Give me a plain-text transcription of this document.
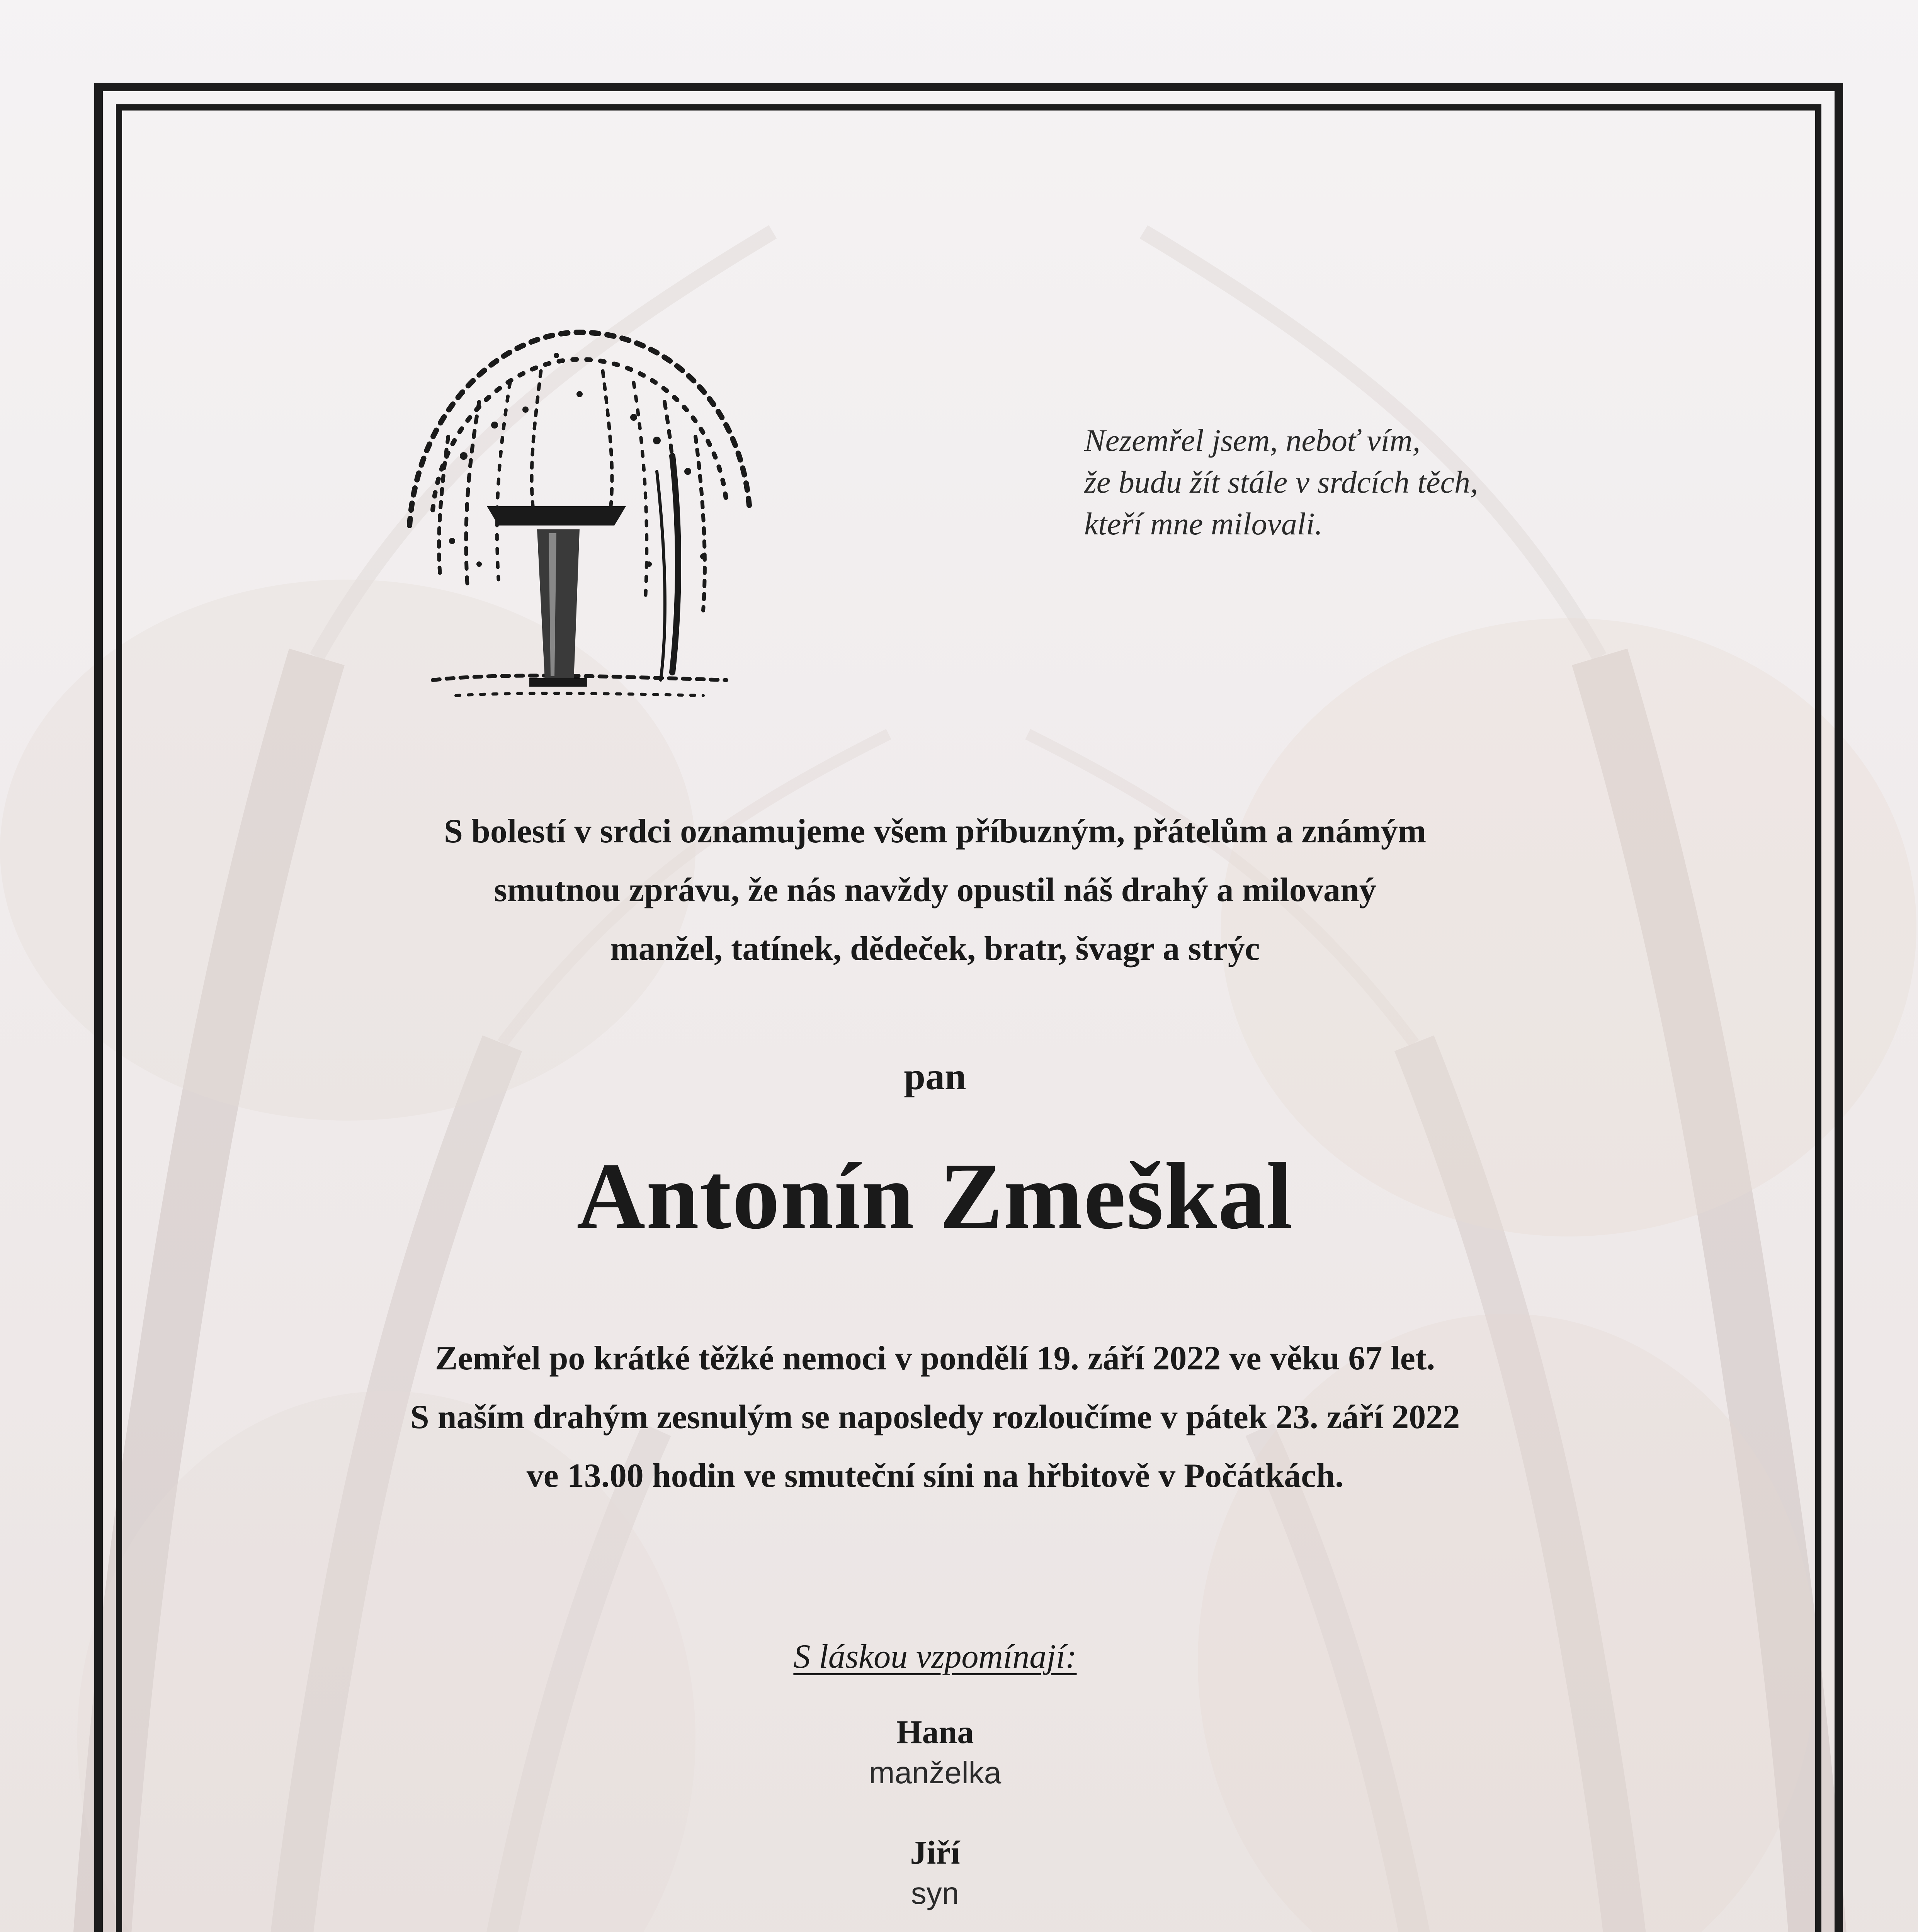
Nezemřel jsem, neboť vím,
že budu žít stále v srdcích těch,
kteří mne milovali.
S bolestí v srdci oznamujeme všem příbuzným, přátelům a známým
smutnou zprávu, že nás navždy opustil náš drahý a milovaný
manžel, tatínek, dědeček, bratr, švagr a strýc
pan
Antonín Zmeškal
Zemřel po krátké těžké nemoci v pondělí 19. září 2022 ve věku 67 let.
S naším drahým zesnulým se naposledy rozloučíme v pátek 23. září 2022
ve 13.00 hodin ve smuteční síni na hřbitově v Počátkách.
S láskou vzpomínají:
Hana
manželka
Jiří
syn
